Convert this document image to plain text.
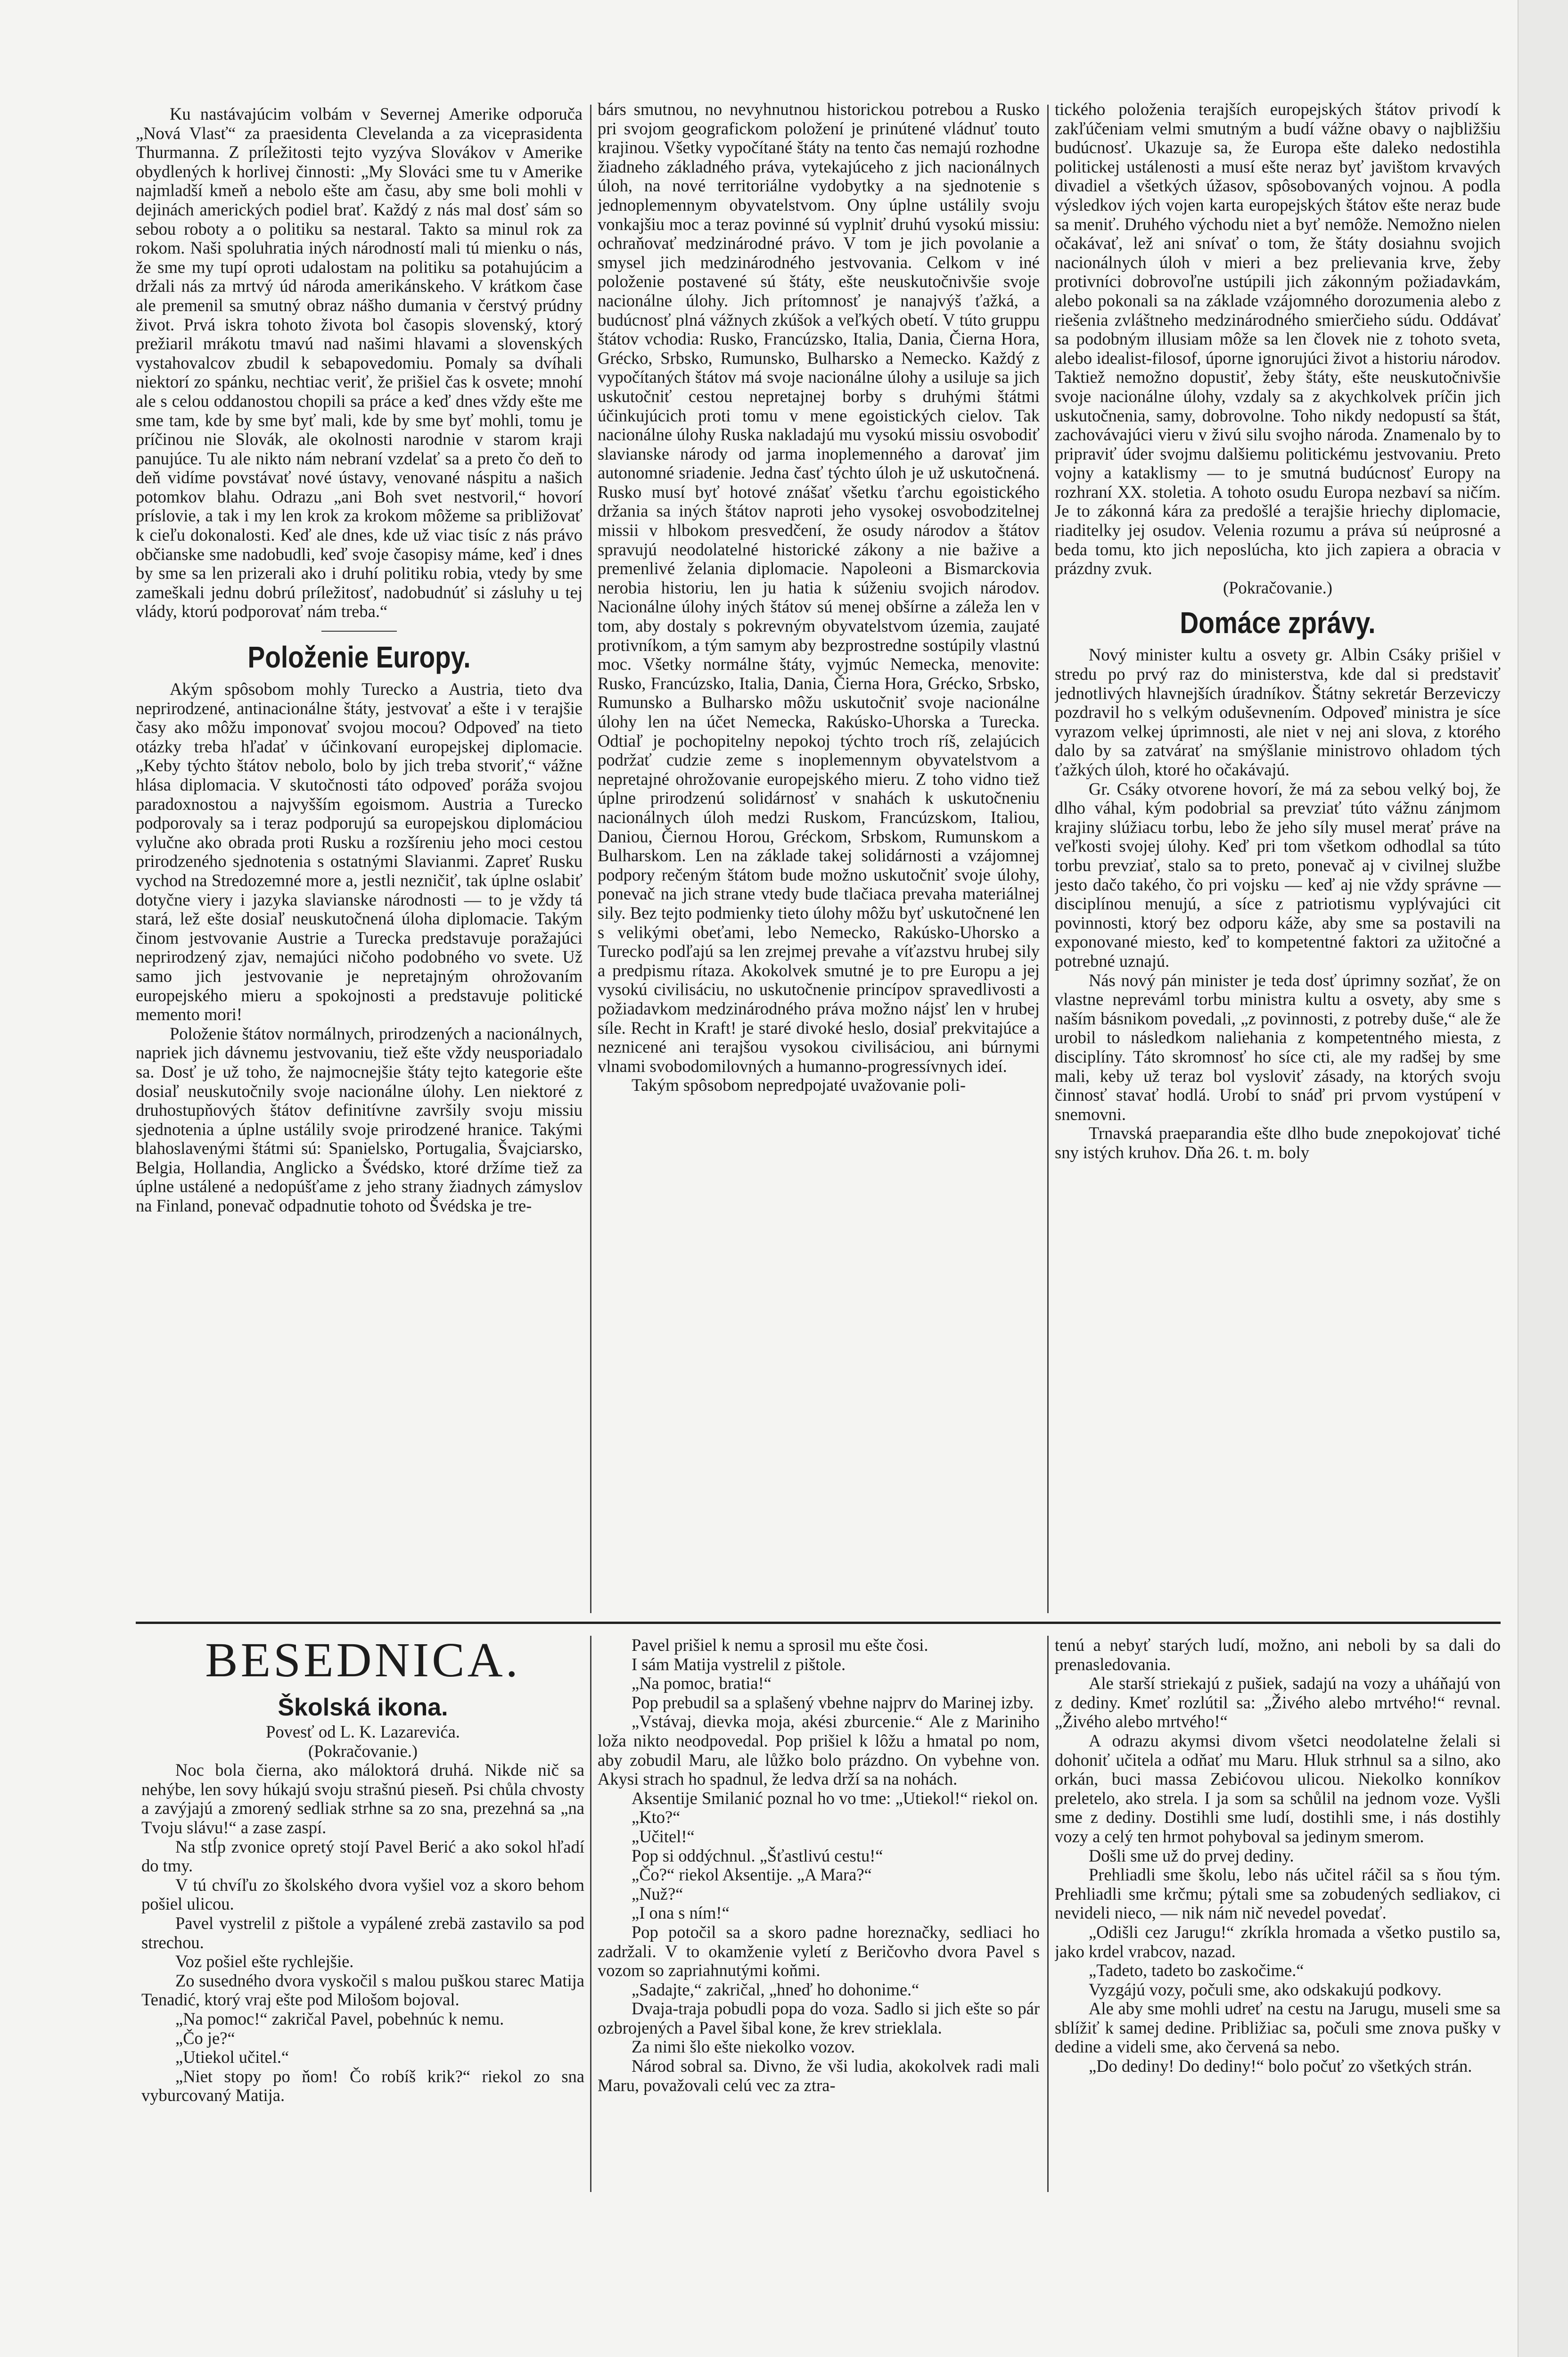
Ku nastávajúcim volbám v Severnej Amerike odporuča „Nová Vlasť“ za praesidenta Clevelanda a za viceprasidenta Thurmanna. Z príležitosti tejto vyzýva Slovákov v Amerike obydlených k horlivej činnosti: „My Slováci sme tu v Amerike najmladší kmeň a nebolo ešte am času, aby sme boli mohli v dejinách amerických podiel brať. Každý z nás mal dosť sám so sebou roboty a o politiku sa nestaral. Takto sa minul rok za rokom. Naši spoluhratia iných národností mali tú mienku o nás, že sme my tupí oproti udalostam na politiku sa potahujúcim a držali nás za mrtvý úd národa amerikánskeho. V krátkom čase ale premenil sa smutný obraz nášho dumania v čerstvý prúdny život. Prvá iskra tohoto života bol časopis slovenský, ktorý prežiaril mrákotu tmavú nad našimi hlavami a slovenských vystahovalcov zbudil k sebapovedomiu. Pomaly sa dvíhali niektorí zo spánku, nechtiac veriť, že prišiel čas k osvete; mnohí ale s celou oddanostou chopili sa práce a keď dnes vždy ešte me sme tam, kde by sme byť mali, kde by sme byť mohli, tomu je príčinou nie Slovák, ale okolnosti narodnie v starom kraji panujúce. Tu ale nikto nám nebraní vzdelať sa a preto čo deň to deň vidíme povstávať nové ústavy, venované náspitu a našich potomkov blahu. Odrazu „ani Boh svet nestvoril,“ hovorí príslovie, a tak i my len krok za krokom môžeme sa približovať k cieľu dokonalosti. Keď ale dnes, kde už viac tisíc z nás právo občianske sme nadobudli, keď svoje časopisy máme, keď i dnes by sme sa len prizerali ako i druhí politiku robia, vtedy by sme zameškali jednu dobrú príležitosť, nadobudnúť si zásluhy u tej vlády, ktorú podporovať nám treba.“

Položenie Europy.

Akým spôsobom mohly Turecko a Austria, tieto dva neprirodzené, antinacionálne štáty, jestvovať a ešte i v terajšie časy ako môžu imponovať svojou mocou? Odpoveď na tieto otázky treba hľadať v účinkovaní europejskej diplomacie. „Keby týchto štátov nebolo, bolo by jich treba stvoriť,“ vážne hlása diplomacia. V skutočnosti táto odpoveď poráža svojou paradoxnostou a najvyšším egoismom. Austria a Turecko podporovaly sa i teraz podporujú sa europejskou diplomáciou vylučne ako obrada proti Rusku a rozšíreniu jeho moci cestou prirodzeného sjednotenia s ostatnými Slavianmi. Zapreť Rusku vychod na Stredozemné more a, jestli nezničiť, tak úplne oslabiť dotyčne viery i jazyka slavianske národnosti — to je vždy tá stará, lež ešte dosiaľ neuskutočnená úloha diplomacie. Takým činom jestvovanie Austrie a Turecka predstavuje poražajúci neprirodzený zjav, nemajúci ničoho podobného vo svete. Už samo jich jestvovanie je nepretajným ohrožovaním europejského mieru a spokojnosti a predstavuje politické memento mori!

Položenie štátov normálnych, prirodzených a nacionálnych, napriek jich dávnemu jestvovaniu, tiež ešte vždy neusporiadalo sa. Dosť je už toho, že najmocnejšie štáty tejto kategorie ešte dosiaľ neuskutočnily svoje nacionálne úlohy. Len niektoré z druhostupňových štátov definitívne završily svoju missiu sjednotenia a úplne ustálily svoje prirodzené hranice. Takými blahoslavenými štátmi sú: Spanielsko, Portugalia, Švajciarsko, Belgia, Hollandia, Anglicko a Švédsko, ktoré držíme tiež za úplne ustálené a nedopúšťame z jeho strany žiadnych zámyslov na Finland, ponevač odpadnutie tohoto od Švédska je tre-

bárs smutnou, no nevyhnutnou historickou potrebou a Rusko pri svojom geografickom položení je prinútené vládnuť touto krajinou. Všetky vypočítané štáty na tento čas nemajú rozhodne žiadneho základného práva, vytekajúceho z jich nacionálnych úloh, na nové territoriálne vydobytky a na sjednotenie s jednoplemennym obyvatelstvom. Ony úplne ustálily svoju vonkajšiu moc a teraz povinné sú vyplniť druhú vysokú missiu: ochraňovať medzinárodné právo. V tom je jich povolanie a smysel jich medzinárodného jestvovania. Celkom v iné položenie postavené sú štáty, ešte neuskutočnivšie svoje nacionálne úlohy. Jich prítomnosť je nanajvýš ťažká, a budúcnosť plná vážnych zkúšok a veľkých obetí. V túto gruppu štátov vchodia: Rusko, Francúzsko, Italia, Dania, Čierna Hora, Grécko, Srbsko, Rumunsko, Bulharsko a Nemecko. Každý z vypočítaných štátov má svoje nacionálne úlohy a usiluje sa jich uskutočniť cestou nepretajnej borby s druhými štátmi účinkujúcich proti tomu v mene egoistických cielov. Tak nacionálne úlohy Ruska nakladajú mu vysokú missiu osvobodiť slavianske národy od jarma inoplemenného a darovať jim autonomné sriadenie. Jedna časť týchto úloh je už uskutočnená. Rusko musí byť hotové znášať všetku ťarchu egoistického držania sa iných štátov naproti jeho vysokej osvobodzitelnej missii v hlbokom presvedčení, že osudy národov a štátov spravujú neodolatelné historické zákony a nie bažive a premenlivé želania diplomacie. Napoleoni a Bismarckovia nerobia historiu, len ju hatia k súženiu svojich národov. Nacionálne úlohy iných štátov sú menej obšírne a záleža len v tom, aby dostaly s pokrevným obyvatelstvom územia, zaujaté protivníkom, a tým samym aby bezprostredne sostúpily vlastnú moc. Všetky normálne štáty, vyjmúc Nemecka, menovite: Rusko, Francúzsko, Italia, Dania, Čierna Hora, Grécko, Srbsko, Rumunsko a Bulharsko môžu uskutočniť svoje nacionálne úlohy len na účet Nemecka, Rakúsko-Uhorska a Turecka. Odtiaľ je pochopitelny nepokoj týchto troch ríš, zelajúcich podržať cudzie zeme s inoplemennym obyvatelstvom a nepretajné ohrožovanie europejského mieru. Z toho vidno tiež úplne prirodzenú solidárnosť v snahách k uskutočneniu nacionálnych úloh medzi Ruskom, Francúzskom, Italiou, Daniou, Čiernou Horou, Gréckom, Srbskom, Rumunskom a Bulharskom. Len na základe takej solidárnosti a vzájomnej podpory rečeným štátom bude možno uskutočniť svoje úlohy, ponevač na jich strane vtedy bude tlačiaca prevaha materiálnej sily. Bez tejto podmienky tieto úlohy môžu byť uskutočnené len s velikými obeťami, lebo Nemecko, Rakúsko-Uhorsko a Turecko podľajú sa len zrejmej prevahe a víťazstvu hrubej sily a predpismu rítaza. Akokolvek smutné je to pre Europu a jej vysokú civilisáciu, no uskutočnenie princípov spravedlivosti a požiadavkom medzinárodného práva možno nájsť len v hrubej síle. Recht in Kraft! je staré divoké heslo, dosiaľ prekvitajúce a neznicené ani terajšou vysokou civilisáciou, ani búrnymi vlnami svobodomilovných a humanno-progressívnych ideí.

Takým spôsobom nepredpojaté uvažovanie poli-

tického položenia terajších europejských štátov privodí k zakľúčeniam velmi smutným a budí vážne obavy o najbližšiu budúcnosť. Ukazuje sa, že Europa ešte daleko nedostihla politickej ustálenosti a musí ešte neraz byť javištom krvavých divadiel a všetkých úžasov, spôsobovaných vojnou. A podla výsledkov iých vojen karta europejských štátov ešte neraz bude sa meniť. Druhého východu niet a byť nemôže. Nemožno nielen očakávať, lež ani snívať o tom, že štáty dosiahnu svojich nacionálnych úloh v mieri a bez prelievania krve, žeby protivníci dobrovoľne ustúpili jich zákonným požiadavkám, alebo pokonali sa na základe vzájomného dorozumenia alebo z riešenia zvláštneho medzinárodného smierčieho súdu. Oddávať sa podobným illusiam môže sa len človek nie z tohoto sveta, alebo idealist-filosof, úporne ignorujúci život a historiu národov. Taktiež nemožno dopustiť, žeby štáty, ešte neuskutočnivšie svoje nacionálne úlohy, vzdaly sa z akychkolvek príčin jich uskutočnenia, samy, dobrovolne. Toho nikdy nedopustí sa štát, zachovávajúci vieru v živú silu svojho národa. Znamenalo by to pripraviť úder svojmu dalšiemu politickému jestvovaniu. Preto vojny a kataklismy — to je smutná budúcnosť Europy na rozhraní XX. stoletia. A tohoto osudu Europa nezbaví sa ničím. Je to zákonná kára za predošlé a terajšie hriechy diplomacie, riaditelky jej osudov. Velenia rozumu a práva sú neúprosné a beda tomu, kto jich neposlúcha, kto jich zapiera a obracia v prázdny zvuk.

(Pokračovanie.)

Domáce zprávy.

Nový minister kultu a osvety gr. Albin Csáky prišiel v stredu po prvý raz do ministerstva, kde dal si predstaviť jednotlivých hlavnejších úradníkov. Štátny sekretár Berzeviczy pozdravil ho s velkým oduševnením. Odpoveď ministra je síce vyrazom velkej úprimnosti, ale niet v nej ani slova, z ktorého dalo by sa zatvárať na smýšlanie ministrovo ohladom tých ťažkých úloh, ktoré ho očakávajú.

Gr. Csáky otvorene hovorí, že má za sebou velký boj, že dlho váhal, kým podobrial sa prevziať túto vážnu zánjmom krajiny slúžiacu torbu, lebo že jeho síly musel merať práve na veľkosti svojej úlohy. Keď pri tom všetkom odhodlal sa túto torbu prevziať, stalo sa to preto, ponevač aj v civilnej službe jesto dačo takého, čo pri vojsku — keď aj nie vždy správne — disciplínou menujú, a síce z patriotismu vyplývajúci cit povinnosti, ktorý bez odporu káže, aby sme sa postavili na exponované miesto, keď to kompetentné faktori za užitočné a potrebné uznajú.

Nás nový pán minister je teda dosť úprimny sozňať, že on vlastne nepreváml torbu ministra kultu a osvety, aby sme s naším básnikom povedali, „z povinnosti, z potreby duše,“ ale že urobil to následkom naliehania z kompetentného miesta, z disciplíny. Táto skromnosť ho síce cti, ale my radšej by sme mali, keby už teraz bol vysloviť zásady, na ktorých svoju činnosť stavať hodlá. Urobí to snáď pri prvom vystúpení v snemovni.

Trnavská praeparandia ešte dlho bude znepokojovať tiché sny istých kruhov. Dňa 26. t. m. boly

BESEDNICA.
Školská ikona.

Povesť od L. K. Lazarevića.

(Pokračovanie.)

Noc bola čierna, ako máloktorá druhá. Nikde nič sa nehýbe, len sovy húkajú svoju strašnú pieseň. Psi chůla chvosty a zavýjajú a zmorený sedliak strhne sa zo sna, prezehná sa „na Tvoju slávu!“ a zase zaspí.

Na stĺp zvonice opretý stojí Pavel Berić a ako sokol hľadí do tmy.

V tú chvíľu zo školského dvora vyšiel voz a skoro behom pošiel ulicou.

Pavel vystrelil z pištole a vypálené zrebä zastavilo sa pod strechou.

Voz pošiel ešte rychlejšie.

Zo susedného dvora vyskočil s malou puškou starec Matija Tenadić, ktorý vraj ešte pod Milošom bojoval.

„Na pomoc!“ zakričal Pavel, pobehnúc k nemu.

„Čo je?“

„Utiekol učitel.“

„Niet stopy po ňom! Čo robíš krik?“ riekol zo sna vyburcovaný Matija.

Pavel prišiel k nemu a sprosil mu ešte čosi.

I sám Matija vystrelil z pištole.

„Na pomoc, bratia!“

Pop prebudil sa a splašený vbehne najprv do Marinej izby.

„Vstávaj, dievka moja, akési zburcenie.“ Ale z Mariniho loža nikto neodpovedal. Pop prišiel k lôžu a hmatal po nom, aby zobudil Maru, ale lůžko bolo prázdno. On vybehne von. Akysi strach ho spadnul, že ledva drží sa na nohách.

Aksentije Smilanić poznal ho vo tme: „Utiekol!“ riekol on.

„Kto?“

„Učitel!“

Pop si oddýchnul. „Šťastlivú cestu!“

„Čo?“ riekol Aksentije. „A Mara?“

„Nuž?“

„I ona s ním!“

Pop potočil sa a skoro padne horeznačky, sedliaci ho zadržali. V to okamženie vyletí z Beričovho dvora Pavel s vozom so zapriahnutými koňmi.

„Sadajte,“ zakričal, „hneď ho dohonime.“

Dvaja-traja pobudli popa do voza. Sadlo si jich ešte so pár ozbrojených a Pavel šibal kone, že krev strieklala.

Za nimi šlo ešte niekolko vozov.

Národ sobral sa. Divno, že vši ludia, akokolvek radi mali Maru, považovali celú vec za ztra-

tenú a nebyť starých ludí, možno, ani neboli by sa dali do prenasledovania.

Ale starší striekajú z pušiek, sadajú na vozy a uháňajú von z dediny. Kmeť rozlútil sa: „Živého alebo mrtvého!“ revnal. „Živého alebo mrtvého!“

A odrazu akymsi divom všetci neodolatelne želali si dohoniť učitela a odňať mu Maru. Hluk strhnul sa a silno, ako orkán, buci massa Zebićovou ulicou. Niekolko konníkov preletelo, ako strela. I ja som sa schůlil na jednom voze. Vyšli sme z dediny. Dostihli sme ludí, dostihli sme, i nás dostihly vozy a celý ten hrmot pohyboval sa jedinym smerom.

Došli sme už do prvej dediny.

Prehliadli sme školu, lebo nás učitel ráčil sa s ňou tým. Prehliadli sme krčmu; pýtali sme sa zobudených sedliakov, ci nevideli nieco, — nik nám nič nevedel povedať.

„Odišli cez Jarugu!“ zkríkla hromada a všetko pustilo sa, jako krdel vrabcov, nazad.

„Tadeto, tadeto bo zaskočime.“

Vyzgájú vozy, počuli sme, ako odskakujú podkovy.

Ale aby sme mohli udreť na cestu na Jarugu, museli sme sa sblížiť k samej dedine. Približiac sa, počuli sme znova pušky v dedine a videli sme, ako červená sa nebo.

„Do dediny! Do dediny!“ bolo počuť zo všetkých strán.
